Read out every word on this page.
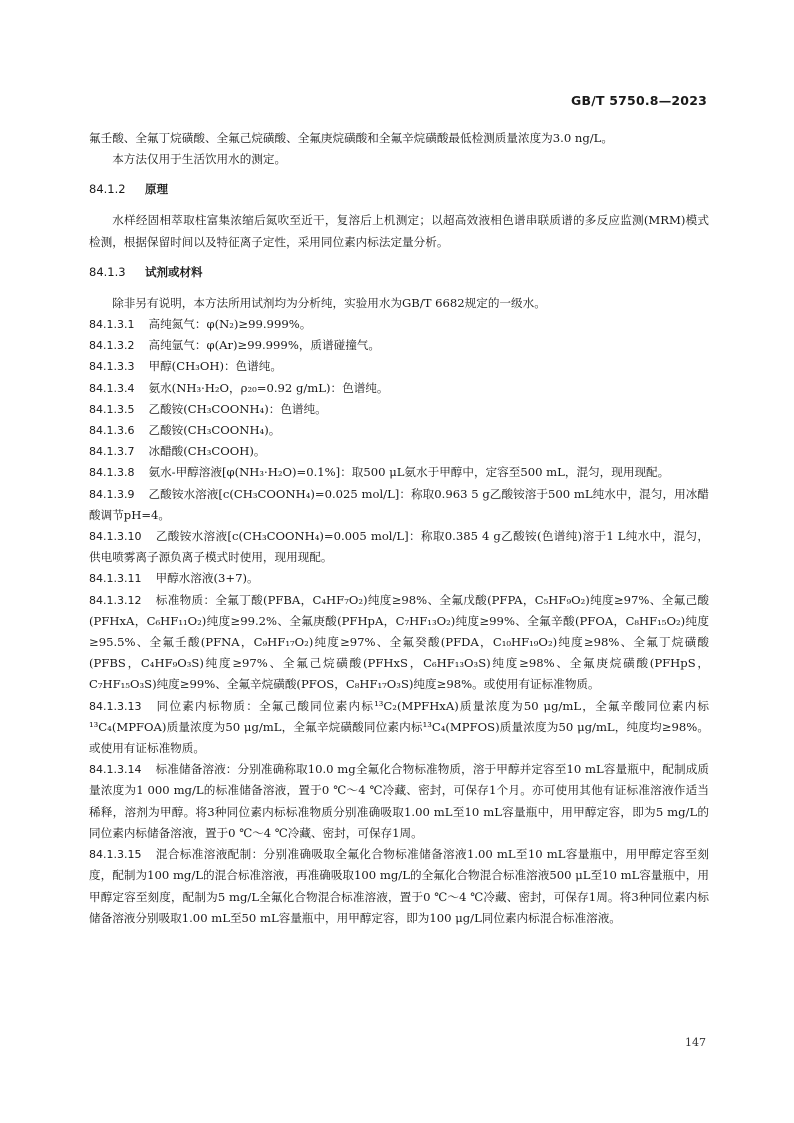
GB/T 5750.8—2023

氟壬酸、全氟丁烷磺酸、全氟己烷磺酸、全氟庚烷磺酸和全氟辛烷磺酸最低检测质量浓度为3.0 ng/L。

本方法仅用于生活饮用水的测定。

84.1.2 原理

水样经固相萃取柱富集浓缩后氮吹至近干，复溶后上机测定；以超高效液相色谱串联质谱的多反应监测(MRM)模式检测，根据保留时间以及特征离子定性，采用同位素内标法定量分析。

84.1.3 试剂或材料

除非另有说明，本方法所用试剂均为分析纯，实验用水为GB/T 6682规定的一级水。

84.1.3.1 高纯氮气：φ(N₂)≥99.999%。

84.1.3.2 高纯氩气：φ(Ar)≥99.999%，质谱碰撞气。

84.1.3.3 甲醇(CH₃OH)：色谱纯。

84.1.3.4 氨水(NH₃·H₂O，ρ₂₀=0.92 g/mL)：色谱纯。

84.1.3.5 乙酸铵(CH₃COONH₄)：色谱纯。

84.1.3.6 乙酸铵(CH₃COONH₄)。

84.1.3.7 冰醋酸(CH₃COOH)。

84.1.3.8 氨水-甲醇溶液[φ(NH₃·H₂O)=0.1%]：取500 μL氨水于甲醇中，定容至500 mL，混匀，现用现配。

84.1.3.9 乙酸铵水溶液[c(CH₃COONH₄)=0.025 mol/L]：称取0.963 5 g乙酸铵溶于500 mL纯水中，混匀，用冰醋酸调节pH=4。

84.1.3.10 乙酸铵水溶液[c(CH₃COONH₄)=0.005 mol/L]：称取0.385 4 g乙酸铵(色谱纯)溶于1 L纯水中，混匀，供电喷雾离子源负离子模式时使用，现用现配。

84.1.3.11 甲醇水溶液(3+7)。

84.1.3.12 标准物质：全氟丁酸(PFBA，C₄HF₇O₂)纯度≥98%、全氟戊酸(PFPA，C₅HF₉O₂)纯度≥97%、全氟己酸(PFHxA，C₆HF₁₁O₂)纯度≥99.2%、全氟庚酸(PFHpA，C₇HF₁₃O₂)纯度≥99%、全氟辛酸(PFOA，C₈HF₁₅O₂)纯度≥95.5%、全氟壬酸(PFNA，C₉HF₁₇O₂)纯度≥97%、全氟癸酸(PFDA，C₁₀HF₁₉O₂)纯度≥98%、全氟丁烷磺酸(PFBS，C₄HF₉O₃S)纯度≥97%、全氟己烷磺酸(PFHxS，C₆HF₁₃O₃S)纯度≥98%、全氟庚烷磺酸(PFHpS，C₇HF₁₅O₃S)纯度≥99%、全氟辛烷磺酸(PFOS，C₈HF₁₇O₃S)纯度≥98%。或使用有证标准物质。

84.1.3.13 同位素内标物质：全氟己酸同位素内标¹³C₂(MPFHxA)质量浓度为50 μg/mL，全氟辛酸同位素内标¹³C₄(MPFOA)质量浓度为50 μg/mL，全氟辛烷磺酸同位素内标¹³C₄(MPFOS)质量浓度为50 μg/mL，纯度均≥98%。或使用有证标准物质。

84.1.3.14 标准储备溶液：分别准确称取10.0 mg全氟化合物标准物质，溶于甲醇并定容至10 mL容量瓶中，配制成质量浓度为1 000 mg/L的标准储备溶液，置于0 ℃～4 ℃冷藏、密封，可保存1个月。亦可使用其他有证标准溶液作适当稀释，溶剂为甲醇。将3种同位素内标标准物质分别准确吸取1.00 mL至10 mL容量瓶中，用甲醇定容，即为5 mg/L的同位素内标储备溶液，置于0 ℃～4 ℃冷藏、密封，可保存1周。

84.1.3.15 混合标准溶液配制：分别准确吸取全氟化合物标准储备溶液1.00 mL至10 mL容量瓶中，用甲醇定容至刻度，配制为100 mg/L的混合标准溶液，再准确吸取100 mg/L的全氟化合物混合标准溶液500 μL至10 mL容量瓶中，用甲醇定容至刻度，配制为5 mg/L全氟化合物混合标准溶液，置于0 ℃～4 ℃冷藏、密封，可保存1周。将3种同位素内标储备溶液分别吸取1.00 mL至50 mL容量瓶中，用甲醇定容，即为100 μg/L同位素内标混合标准溶液。

147
